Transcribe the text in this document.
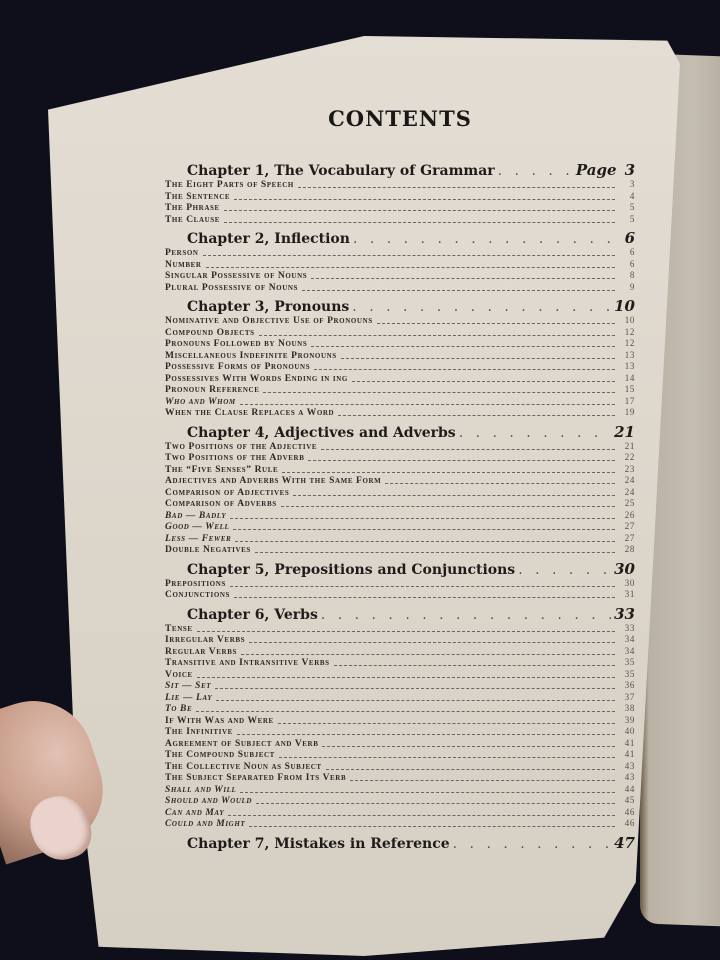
CONTENTS
Chapter 1, The Vocabulary of Grammar . . .	Page 3
The Eight Parts of Speech	3
The Sentence	4
The Phrase	5
The Clause	5
Chapter 2, Inflection . . .	6
Person	6
Number	6
Singular Possessive of Nouns	8
Plural Possessive of Nouns	9
Chapter 3, Pronouns . . .	10
Nominative and Objective Use of Pronouns	10
Compound Objects	12
Pronouns Followed by Nouns	12
Miscellaneous Indefinite Pronouns	13
Possessive Forms of Pronouns	13
Possessives With Words Ending in ing	14
Pronoun Reference	15
Who and Whom	17
When the Clause Replaces a Word	19
Chapter 4, Adjectives and Adverbs . . .	21
Two Positions of the Adjective	21
Two Positions of the Adverb	22
The “Five Senses” Rule	23
Adjectives and Adverbs With the Same Form	24
Comparison of Adjectives	24
Comparison of Adverbs	25
Bad — Badly	26
Good — Well	27
Less — Fewer	27
Double Negatives	28
Chapter 5, Prepositions and Conjunctions . . .	30
Prepositions	30
Conjunctions	31
Chapter 6, Verbs . . .	33
Tense	33
Irregular Verbs	34
Regular Verbs	34
Transitive and Intransitive Verbs	35
Voice	35
Sit — Set	36
Lie — Lay	37
To Be	38
If With Was and Were	39
The Infinitive	40
Agreement of Subject and Verb	41
The Compound Subject	41
The Collective Noun as Subject	43
The Subject Separated From Its Verb	43
Shall and Will	44
Should and Would	45
Can and May	46
Could and Might	46
Chapter 7, Mistakes in Reference . . .	47
